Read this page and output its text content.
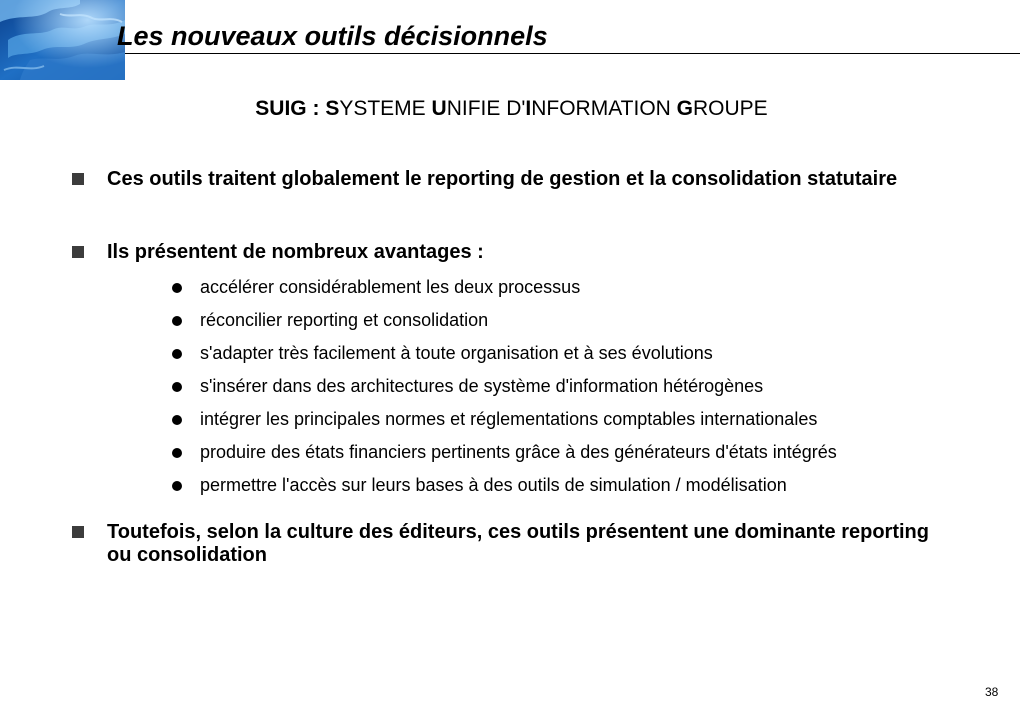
Les nouveaux outils décisionnels
SUIG : SYSTEME UNIFIE D'INFORMATION GROUPE
Ces outils traitent globalement le reporting de gestion et la consolidation statutaire
Ils présentent de nombreux avantages :
accélérer considérablement les deux processus
réconcilier reporting et consolidation
s'adapter très facilement à toute organisation et à ses évolutions
s'insérer dans des architectures de système d'information hétérogènes
intégrer les principales normes et réglementations comptables internationales
produire des états financiers pertinents grâce à des générateurs d'états intégrés
permettre l'accès sur leurs bases à des outils de simulation / modélisation
Toutefois, selon la culture des éditeurs, ces outils présentent une dominante reporting ou consolidation
38
